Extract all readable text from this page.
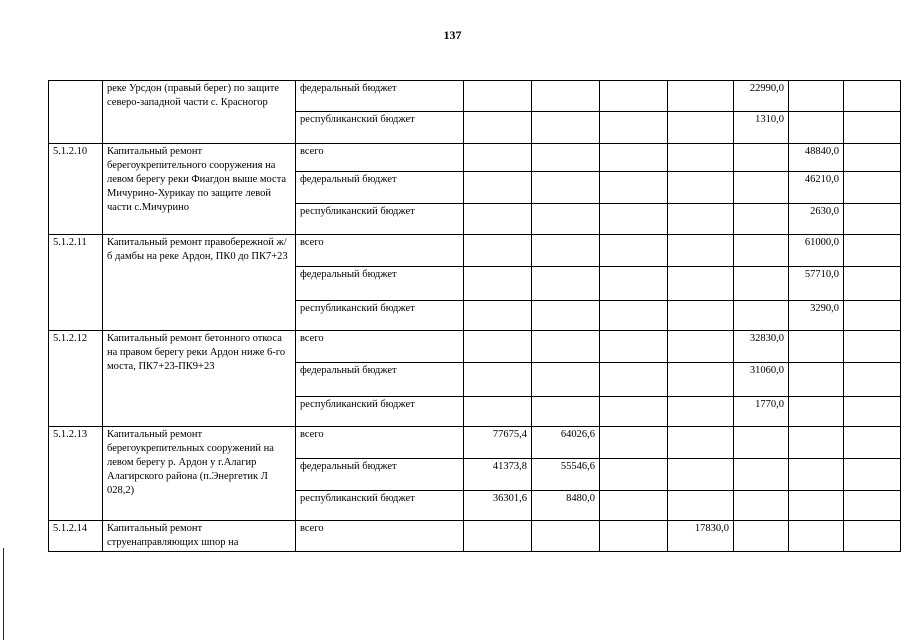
137
	реке Урсдон (правый берег) по защите северо-западной части с. Красногор	федеральный бюджет					22990,0		
		республиканский бюджет					1310,0		
5.1.2.10	Капитальный ремонт берегоукрепительного сооружения на левом берегу реки Фиагдон выше моста Мичурино-Хурикау по защите левой части с.Мичурино	всего						48840,0	
		федеральный бюджет						46210,0	
		республиканский бюджет						2630,0	
5.1.2.11	Капитальный ремонт правобережной ж/б дамбы на реке Ардон, ПК0 до ПК7+23	всего						61000,0	
		федеральный бюджет						57710,0	
		республиканский бюджет						3290,0	
5.1.2.12	Капитальный ремонт бетонного откоса на правом берегу реки Ардон ниже 6-го моста, ПК7+23-ПК9+23	всего					32830,0		
		федеральный бюджет					31060,0		
		республиканский бюджет					1770,0		
5.1.2.13	Капитальный ремонт берегоукрепительных сооружений на левом берегу р. Ардон у г.Алагир Алагирского района (п.Энергетик Л 028,2)	всего	77675,4	64026,6					
		федеральный бюджет	41373,8	55546,6					
		республиканский бюджет	36301,6	8480,0					
5.1.2.14	Капитальный ремонт струенаправляющих шпор на	всего				17830,0			
